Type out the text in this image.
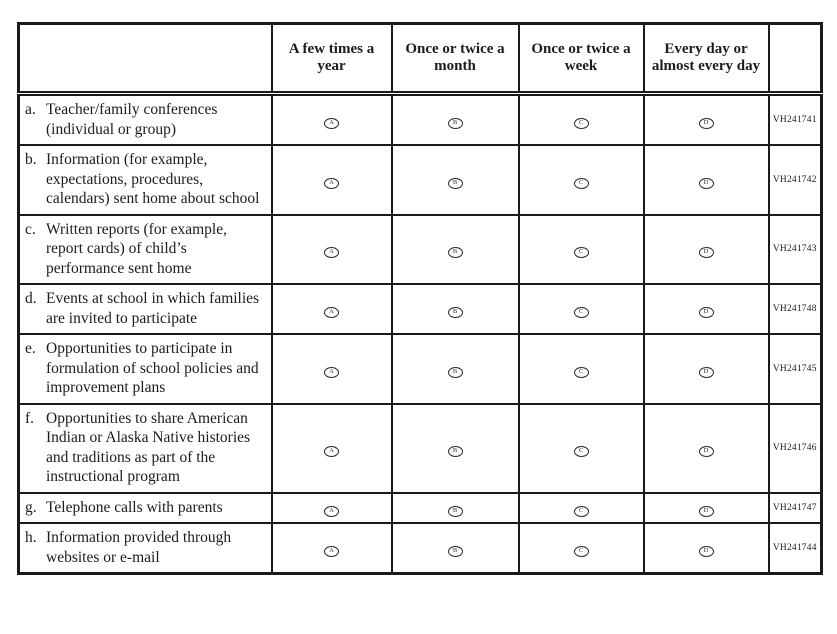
	A few times a year	Once or twice a month	Once or twice a week	Every day or almost every day	

a. Teacher/family conferences (individual or group)	A	B	C	D	VH241741

b. Information (for example, expectations, procedures, calendars) sent home about school	A	B	C	D	VH241742

c. Written reports (for example, report cards) of child’s performance sent home	A	B	C	D	VH241743

d. Events at school in which families are invited to participate	A	B	C	D	VH241748

e. Opportunities to participate in formulation of school policies and improvement plans	A	B	C	D	VH241745

f. Opportunities to share American Indian or Alaska Native histories and traditions as part of the instructional program	A	B	C	D	VH241746

g. Telephone calls with parents	A	B	C	D	VH241747

h. Information provided through websites or e-mail	A	B	C	D	VH241744
